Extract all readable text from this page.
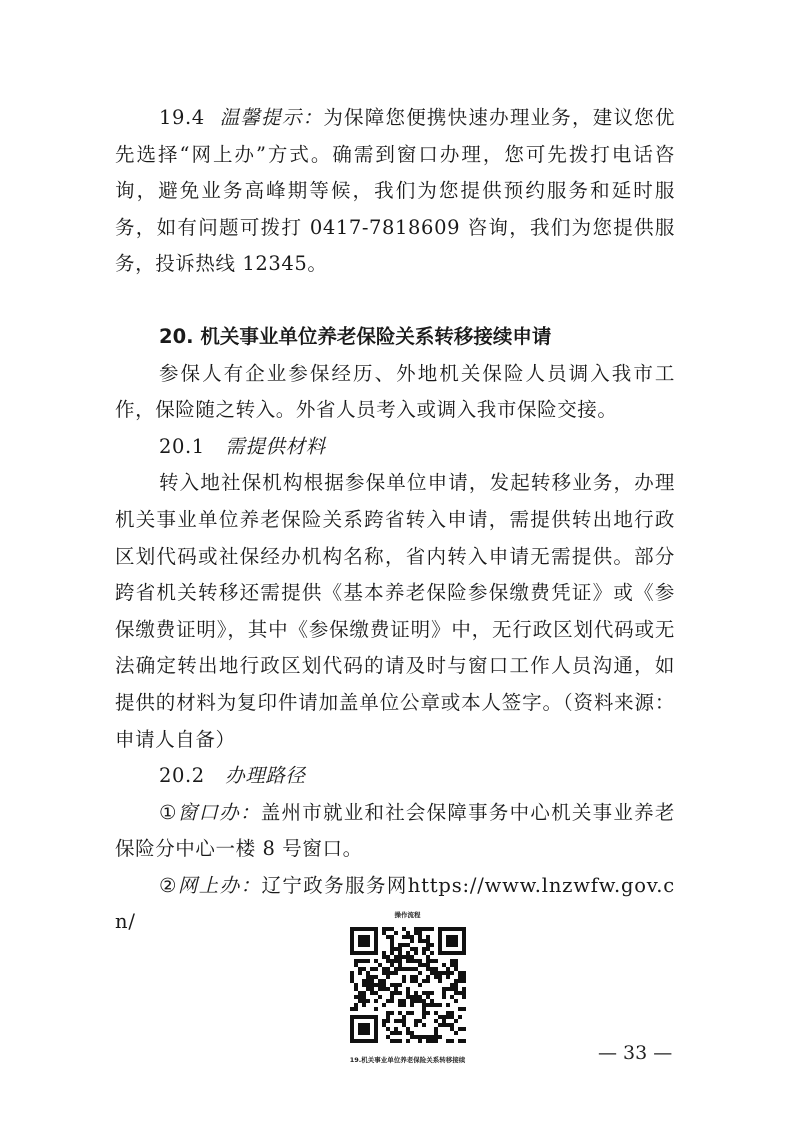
19.4 温馨提示：为保障您便携快速办理业务，建议您优先选择“网上办”方式。确需到窗口办理，您可先拨打电话咨询，避免业务高峰期等候，我们为您提供预约服务和延时服务，如有问题可拨打 0417-7818609 咨询，我们为您提供服务，投诉热线 12345。

20. 机关事业单位养老保险关系转移接续申请

参保人有企业参保经历、外地机关保险人员调入我市工作，保险随之转入。外省人员考入或调入我市保险交接。

20.1 需提供材料

转入地社保机构根据参保单位申请，发起转移业务，办理机关事业单位养老保险关系跨省转入申请，需提供转出地行政区划代码或社保经办机构名称，省内转入申请无需提供。部分跨省机关转移还需提供《基本养老保险参保缴费凭证》或《参保缴费证明》，其中《参保缴费证明》中，无行政区划代码或无法确定转出地行政区划代码的请及时与窗口工作人员沟通，如提供的材料为复印件请加盖单位公章或本人签字。（资料来源：申请人自备）

20.2 办理路径

①窗口办：盖州市就业和社会保障事务中心机关事业养老保险分中心一楼 8 号窗口。

②网上办：辽宁政务服务网https://www.lnzwfw.gov.cn/	操作流程
19.机关事业单位养老保险关系转移接续	— 33 —
